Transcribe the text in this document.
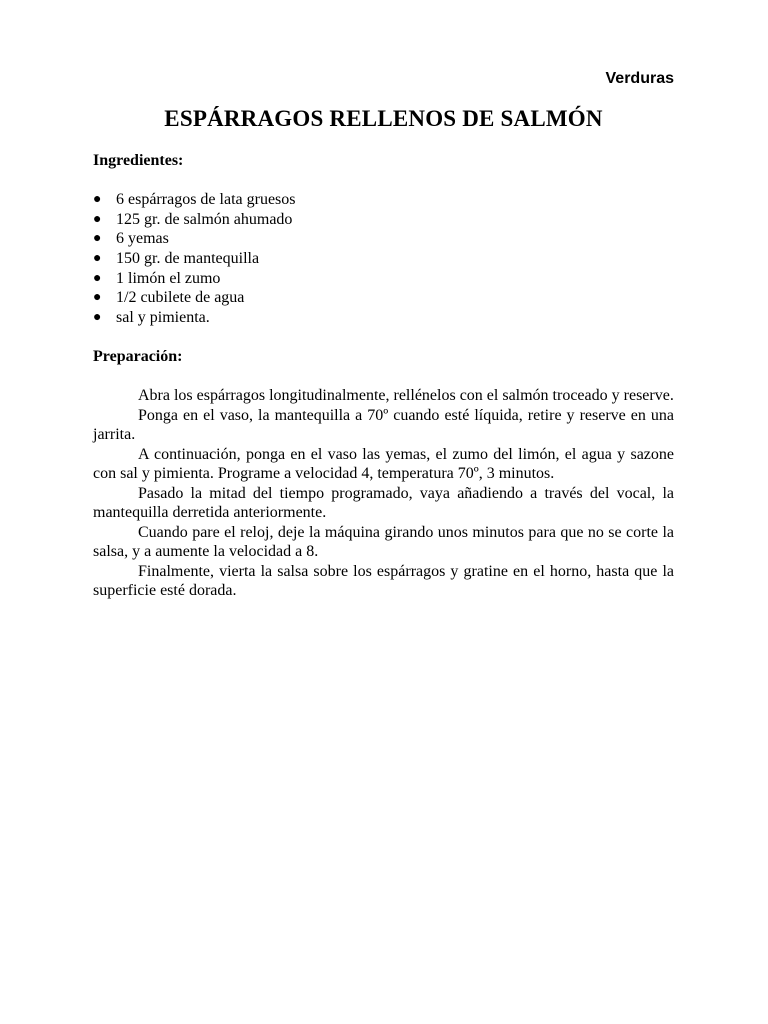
Verduras
ESPÁRRAGOS RELLENOS DE SALMÓN
Ingredientes:
● 6 espárragos de lata gruesos
● 125 gr. de salmón ahumado
● 6 yemas
● 150 gr. de mantequilla
● 1 limón el zumo
● 1/2 cubilete de agua
● sal y pimienta.
Preparación:

Abra los espárragos longitudinalmente, rellénelos con el salmón troceado y reserve.

Ponga en el vaso, la mantequilla a 70º cuando esté líquida, retire y reserve en una jarrita.

A continuación, ponga en el vaso las yemas, el zumo del limón, el agua y sazone con sal y pimienta. Programe a velocidad 4, temperatura 70º, 3 minutos.

Pasado la mitad del tiempo programado, vaya añadiendo a través del vocal, la mantequilla derretida anteriormente.

Cuando pare el reloj, deje la máquina girando unos minutos para que no se corte la salsa, y a aumente la velocidad a 8.

Finalmente, vierta la salsa sobre los espárragos y gratine en el horno, hasta que la superficie esté dorada.
